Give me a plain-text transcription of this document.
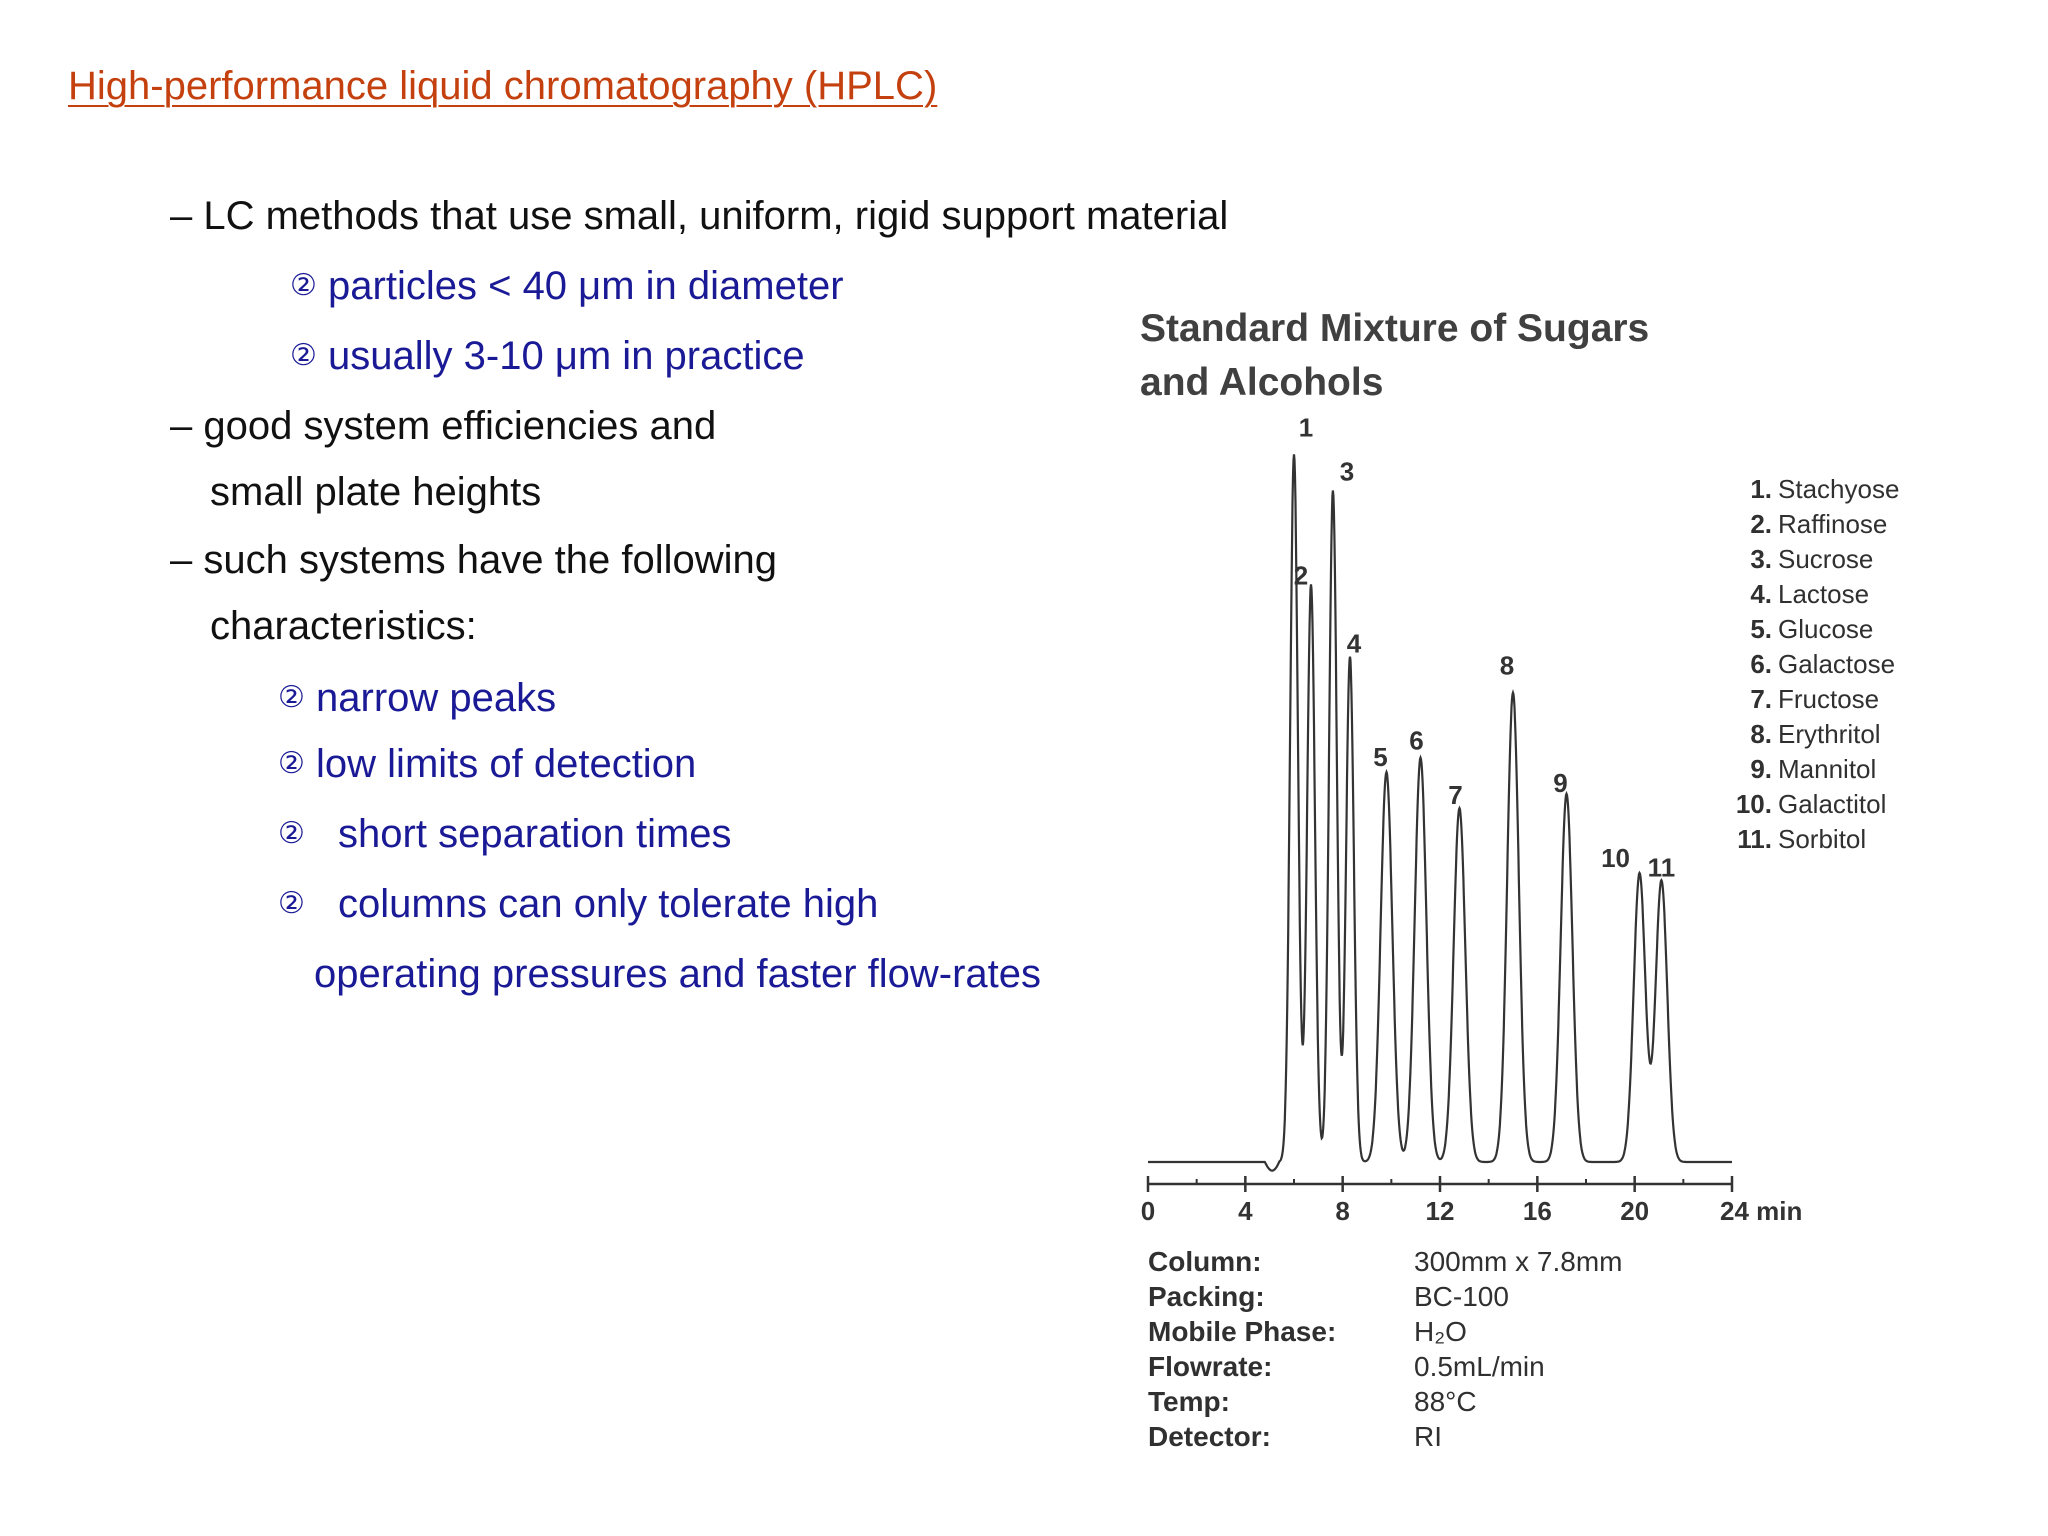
High-performance liquid chromatography (HPLC)
– LC methods that use small, uniform, rigid support material
② particles < 40 μm in diameter
② usually 3-10 μm in practice
– good system efficiencies and
small plate heights
– such systems have the following
characteristics:
② narrow peaks
② low limits of detection
② short separation times
② columns can only tolerate high
operating pressures and faster flow-rates
Standard Mixture of Sugars
and Alcohols
0	4	8	12	16	20	24 min
1
2
3
4
5
6
7
8
9
10 11
1. Stachyose
2. Raffinose
3. Sucrose
4. Lactose
5. Glucose
6. Galactose
7. Fructose
8. Erythritol
9. Mannitol
10. Galactitol
11. Sorbitol
Column:	300mm x 7.8mm
Packing:	BC-100
Mobile Phase:	H₂O
Flowrate:	0.5mL/min
Temp:	88°C
Detector:	RI
